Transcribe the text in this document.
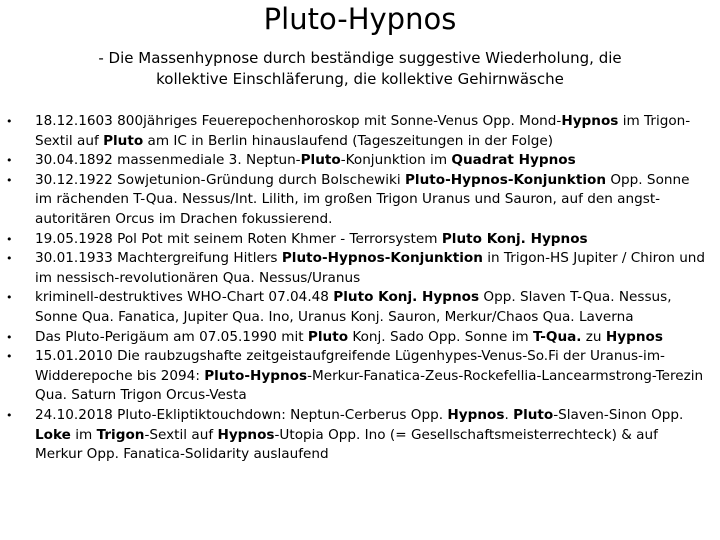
Pluto-Hypnos

- Die Massenhypnose durch beständige suggestive Wiederholung, die kollektive Einschläferung, die kollektive Gehirnwäsche

• 18.12.1603 800jähriges Feuerepochenhoroskop mit Sonne-Venus Opp. Mond-Hypnos im Trigon-Sextil auf Pluto am IC in Berlin hinauslaufend (Tageszeitungen in der Folge)
• 30.04.1892 massenmediale 3. Neptun-Pluto-Konjunktion im Quadrat Hypnos
• 30.12.1922 Sowjetunion-Gründung durch Bolschewiki Pluto-Hypnos-Konjunktion Opp. Sonne im rächenden T-Qua. Nessus/Int. Lilith, im großen Trigon Uranus und Sauron, auf den angst-autoritären Orcus im Drachen fokussierend.
• 19.05.1928 Pol Pot mit seinem Roten Khmer - Terrorsystem Pluto Konj. Hypnos
• 30.01.1933 Machtergreifung Hitlers Pluto-Hypnos-Konjunktion in Trigon-HS Jupiter / Chiron und im nessisch-revolutionären Qua. Nessus/Uranus
• kriminell-destruktives WHO-Chart 07.04.48 Pluto Konj. Hypnos Opp. Slaven T-Qua. Nessus, Sonne Qua. Fanatica, Jupiter Qua. Ino, Uranus Konj. Sauron, Merkur/Chaos Qua. Laverna
• Das Pluto-Perigäum am 07.05.1990 mit Pluto Konj. Sado Opp. Sonne im T-Qua. zu Hypnos
• 15.01.2010 Die raubzugshafte zeitgeistaufgreifende Lügenhypes-Venus-So.Fi der Uranus-im-Widderepoche bis 2094: Pluto-Hypnos-Merkur-Fanatica-Zeus-Rockefellia-Lancearmstrong-Terezin Qua. Saturn Trigon Orcus-Vesta
• 24.10.2018 Pluto-Ekliptiktouchdown: Neptun-Cerberus Opp. Hypnos. Pluto-Slaven-Sinon Opp. Loke im Trigon-Sextil auf Hypnos-Utopia Opp. Ino (= Gesellschaftsmeisterrechteck) & auf Merkur Opp. Fanatica-Solidarity auslaufend
